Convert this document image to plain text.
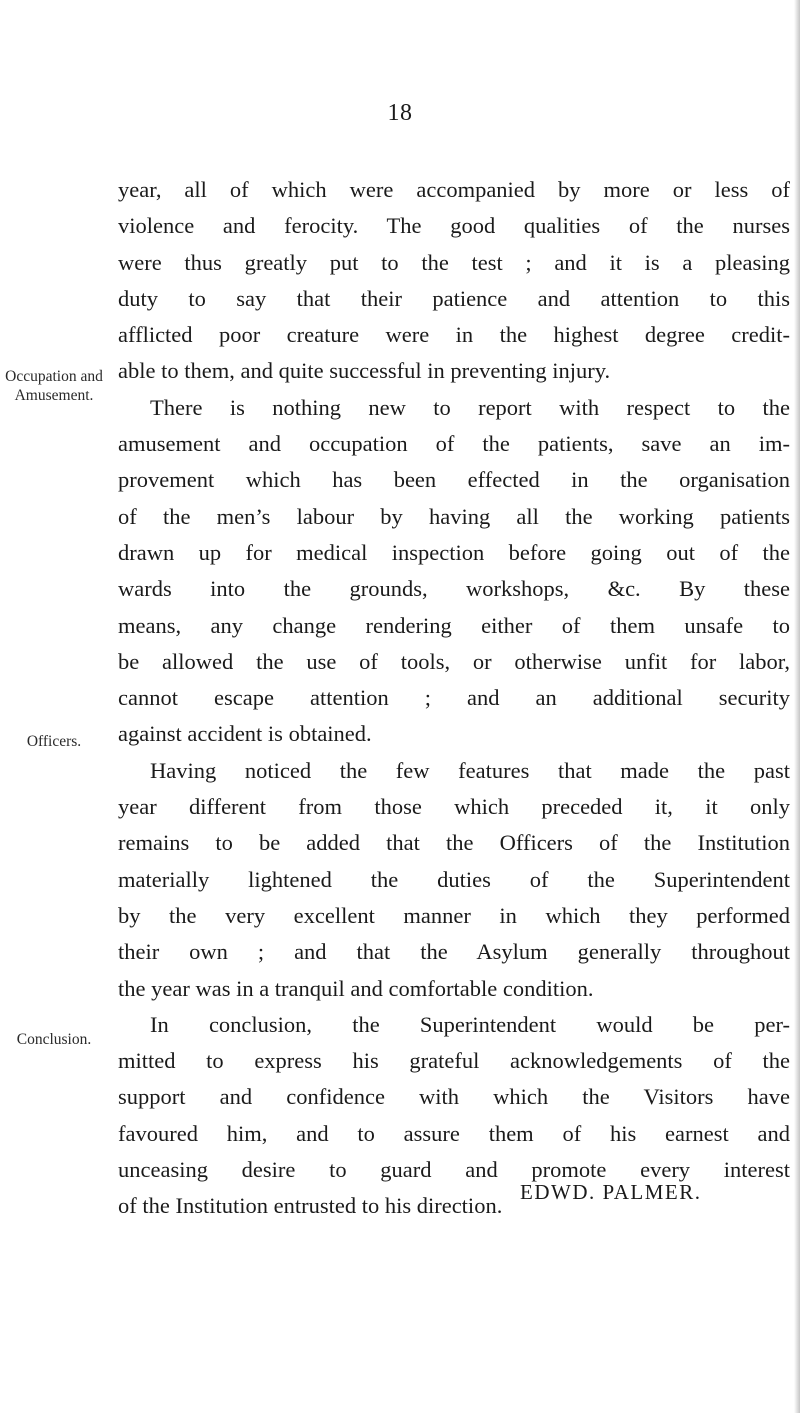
18
Occupation and
Amusement.
Officers.
Conclusion.
year, all of which were accompanied by more or less of
violence and ferocity. The good qualities of the nurses
were thus greatly put to the test ; and it is a pleasing
duty to say that their patience and attention to this
afflicted poor creature were in the highest degree credit-
able to them, and quite successful in preventing injury.
There is nothing new to report with respect to the
amusement and occupation of the patients, save an im-
provement which has been effected in the organisation
of the men’s labour by having all the working patients
drawn up for medical inspection before going out of the
wards into the grounds, workshops, &c. By these
means, any change rendering either of them unsafe to
be allowed the use of tools, or otherwise unfit for labor,
cannot escape attention ; and an additional security
against accident is obtained.
Having noticed the few features that made the past
year different from those which preceded it, it only
remains to be added that the Officers of the Institution
materially lightened the duties of the Superintendent
by the very excellent manner in which they performed
their own ; and that the Asylum generally throughout
the year was in a tranquil and comfortable condition.
In conclusion, the Superintendent would be per-
mitted to express his grateful acknowledgements of the
support and confidence with which the Visitors have
favoured him, and to assure them of his earnest and
unceasing desire to guard and promote every interest
of the Institution entrusted to his direction.
EDWD. PALMER.
